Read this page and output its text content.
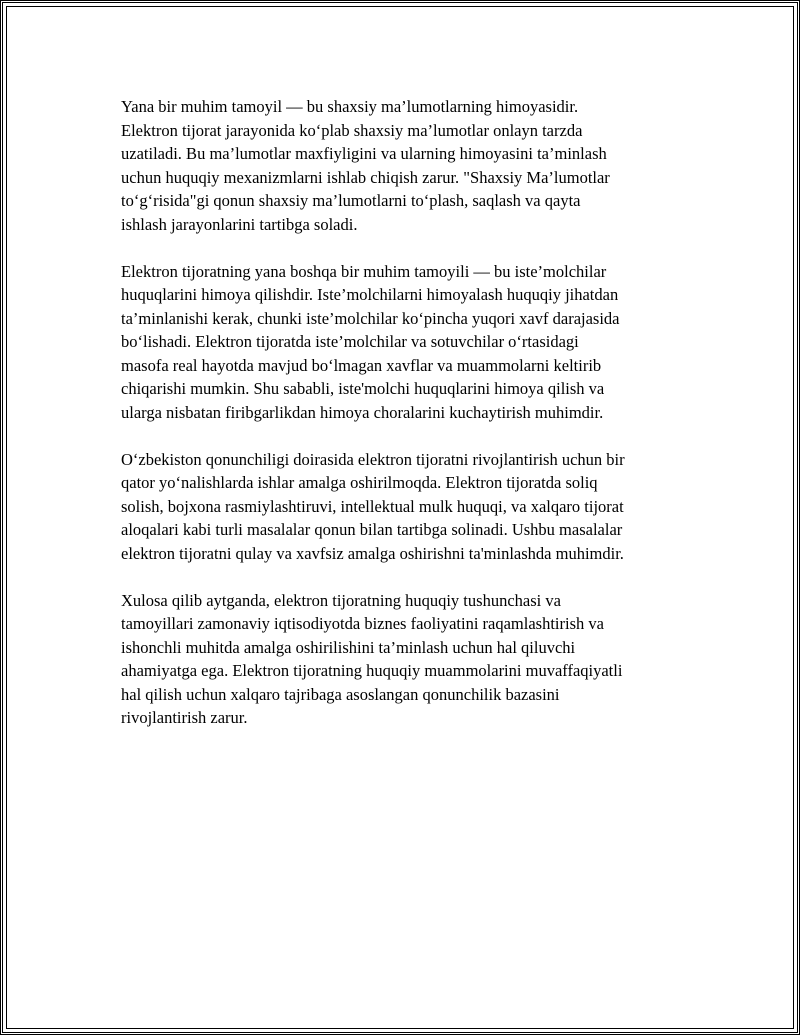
Yana bir muhim tamoyil — bu shaxsiy ma’lumotlarning himoyasidir.
Elektron tijorat jarayonida koʻplab shaxsiy ma’lumotlar onlayn tarzda
uzatiladi. Bu ma’lumotlar maxfiyligini va ularning himoyasini ta’minlash
uchun huquqiy mexanizmlarni ishlab chiqish zarur. "Shaxsiy Ma’lumotlar
toʻgʻrisida"gi qonun shaxsiy ma’lumotlarni toʻplash, saqlash va qayta
ishlash jarayonlarini tartibga soladi.

Elektron tijoratning yana boshqa bir muhim tamoyili — bu iste’molchilar
huquqlarini himoya qilishdir. Iste’molchilarni himoyalash huquqiy jihatdan
ta’minlanishi kerak, chunki iste’molchilar koʻpincha yuqori xavf darajasida
boʻlishadi. Elektron tijoratda iste’molchilar va sotuvchilar oʻrtasidagi
masofa real hayotda mavjud boʻlmagan xavflar va muammolarni keltirib
chiqarishi mumkin. Shu sababli, iste'molchi huquqlarini himoya qilish va
ularga nisbatan firibgarlikdan himoya choralarini kuchaytirish muhimdir.

Oʻzbekiston qonunchiligi doirasida elektron tijoratni rivojlantirish uchun bir
qator yoʻnalishlarda ishlar amalga oshirilmoqda. Elektron tijoratda soliq
solish, bojxona rasmiylashtiruvi, intellektual mulk huquqi, va xalqaro tijorat
aloqalari kabi turli masalalar qonun bilan tartibga solinadi. Ushbu masalalar
elektron tijoratni qulay va xavfsiz amalga oshirishni ta'minlashda muhimdir.

Xulosa qilib aytganda, elektron tijoratning huquqiy tushunchasi va
tamoyillari zamonaviy iqtisodiyotda biznes faoliyatini raqamlashtirish va
ishonchli muhitda amalga oshirilishini ta’minlash uchun hal qiluvchi
ahamiyatga ega. Elektron tijoratning huquqiy muammolarini muvaffaqiyatli
hal qilish uchun xalqaro tajribaga asoslangan qonunchilik bazasini
rivojlantirish zarur.
